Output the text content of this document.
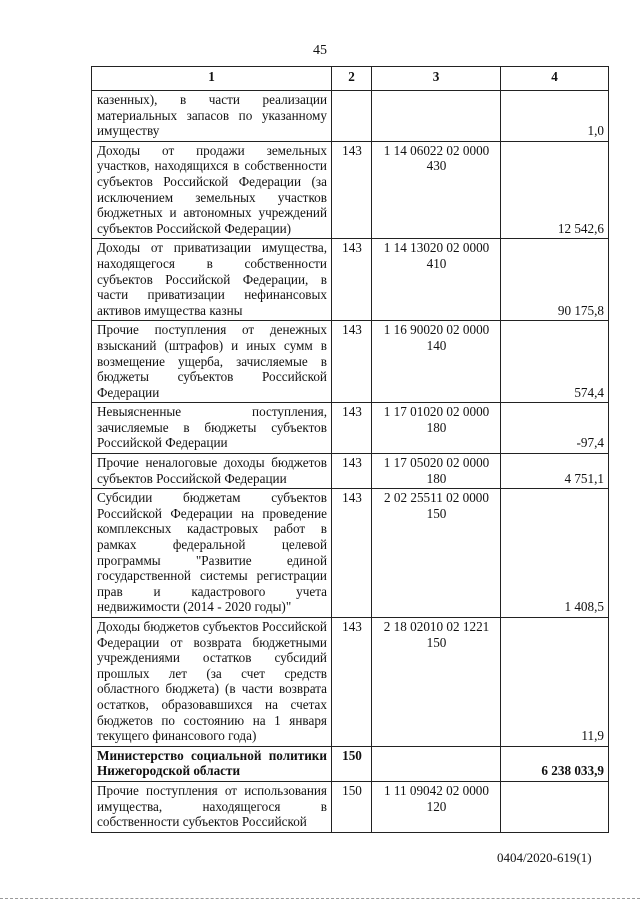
45
1	2	3	4
казенных), в части реализации материальных запасов по указанному имуществу			1,0
Доходы от продажи земельных участков, находящихся в собственности субъектов Российской Федерации (за исключением земельных участков бюджетных и автономных учреждений субъектов Российской Федерации)	143	1 14 06022 02 0000 430	12 542,6
Доходы от приватизации имущества, находящегося в собственности субъектов Российской Федерации, в части приватизации нефинансовых активов имущества казны	143	1 14 13020 02 0000 410	90 175,8
Прочие поступления от денежных взысканий (штрафов) и иных сумм в возмещение ущерба, зачисляемые в бюджеты субъектов Российской Федерации	143	1 16 90020 02 0000 140	574,4
Невыясненные поступления, зачисляемые в бюджеты субъектов Российской Федерации	143	1 17 01020 02 0000 180	-97,4
Прочие неналоговые доходы бюджетов субъектов Российской Федерации	143	1 17 05020 02 0000 180	4 751,1
Субсидии бюджетам субъектов Российской Федерации на проведение комплексных кадастровых работ в рамках федеральной целевой программы "Развитие единой государственной системы регистрации прав и кадастрового учета недвижимости (2014 - 2020 годы)"	143	2 02 25511 02 0000 150	1 408,5
Доходы бюджетов субъектов Российской Федерации от возврата бюджетными учреждениями остатков субсидий прошлых лет (за счет средств областного бюджета) (в части возврата остатков, образовавшихся на счетах бюджетов по состоянию на 1 января текущего финансового года)	143	2 18 02010 02 1221 150	11,9
Министерство социальной политики Нижегородской области	150		6 238 033,9
Прочие поступления от использования имущества, находящегося в собственности субъектов Российской	150	1 11 09042 02 0000 120	
0404/2020-619(1)
